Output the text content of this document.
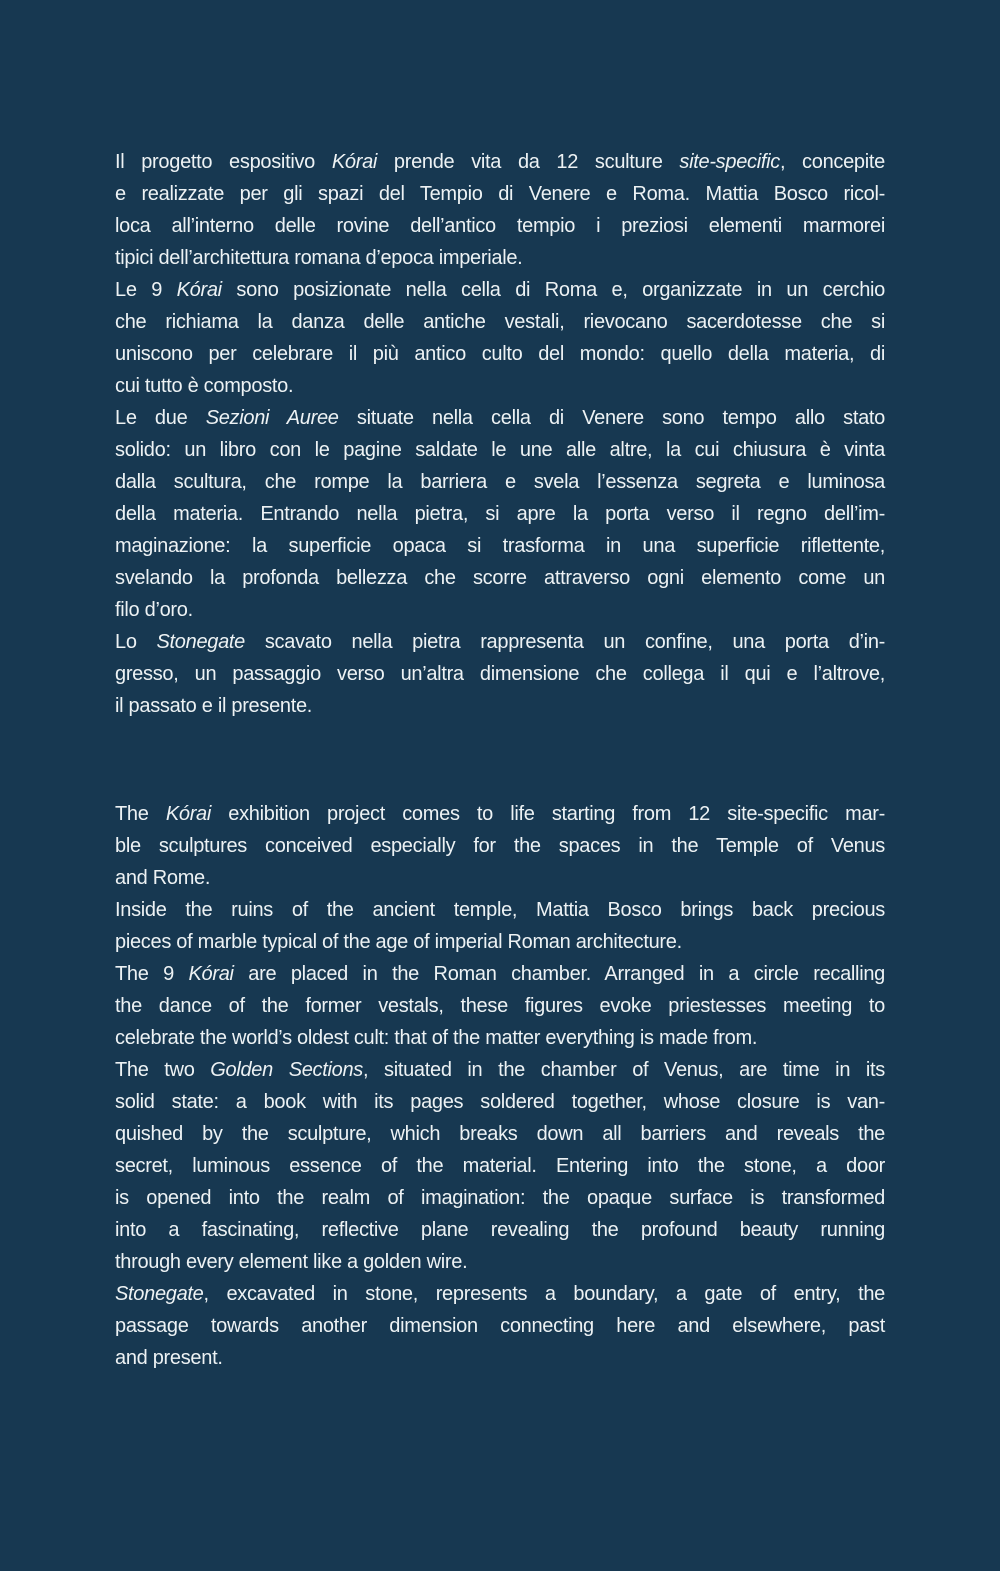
Il progetto espositivo Kórai prende vita da 12 sculture site-specific, concepite
e realizzate per gli spazi del Tempio di Venere e Roma. Mattia Bosco ricol-
loca all’interno delle rovine dell’antico tempio i preziosi elementi marmorei
tipici dell’architettura romana d’epoca imperiale.

Le 9 Kórai sono posizionate nella cella di Roma e, organizzate in un cerchio
che richiama la danza delle antiche vestali, rievocano sacerdotesse che si
uniscono per celebrare il più antico culto del mondo: quello della materia, di
cui tutto è composto.

Le due Sezioni Auree situate nella cella di Venere sono tempo allo stato
solido: un libro con le pagine saldate le une alle altre, la cui chiusura è vinta
dalla scultura, che rompe la barriera e svela l’essenza segreta e luminosa
della materia. Entrando nella pietra, si apre la porta verso il regno dell’im-
maginazione: la superficie opaca si trasforma in una superficie riflettente,
svelando la profonda bellezza che scorre attraverso ogni elemento come un
filo d’oro.

Lo Stonegate scavato nella pietra rappresenta un confine, una porta d’in-
gresso, un passaggio verso un’altra dimensione che collega il qui e l’altrove,
il passato e il presente.

The Kórai exhibition project comes to life starting from 12 site-specific mar-
ble sculptures conceived especially for the spaces in the Temple of Venus
and Rome.

Inside the ruins of the ancient temple, Mattia Bosco brings back precious
pieces of marble typical of the age of imperial Roman architecture.

The 9 Kórai are placed in the Roman chamber. Arranged in a circle recalling
the dance of the former vestals, these figures evoke priestesses meeting to
celebrate the world’s oldest cult: that of the matter everything is made from.

The two Golden Sections, situated in the chamber of Venus, are time in its
solid state: a book with its pages soldered together, whose closure is van-
quished by the sculpture, which breaks down all barriers and reveals the
secret, luminous essence of the material. Entering into the stone, a door
is opened into the realm of imagination: the opaque surface is transformed
into a fascinating, reflective plane revealing the profound beauty running
through every element like a golden wire.

Stonegate, excavated in stone, represents a boundary, a gate of entry, the
passage towards another dimension connecting here and elsewhere, past
and present.
